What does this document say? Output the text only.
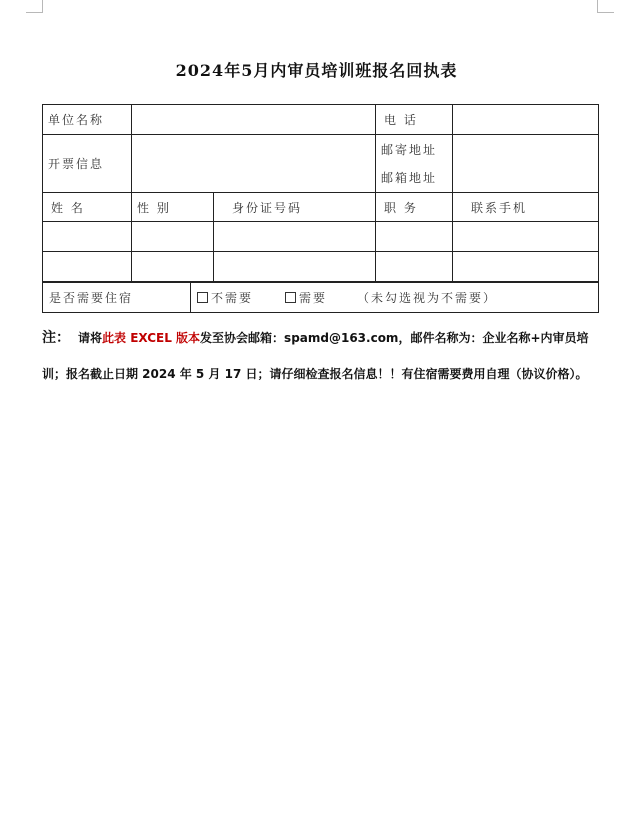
2024年5月内审员培训班报名回执表
单位名称			电 话	
开票信息			邮寄地址
邮箱地址	

姓 名	性 别	身份证号码	职 务	联系手机

是否需要住宿	不需要	需要	（未勾选视为不需要）
注： 请将此表 EXCEL 版本发至协会邮箱：spamd@163.com，邮件名称为：企业名称+内审员培训；报名截止日期 2024 年 5 月 17 日；请仔细检查报名信息！！有住宿需要费用自理（协议价格）。
